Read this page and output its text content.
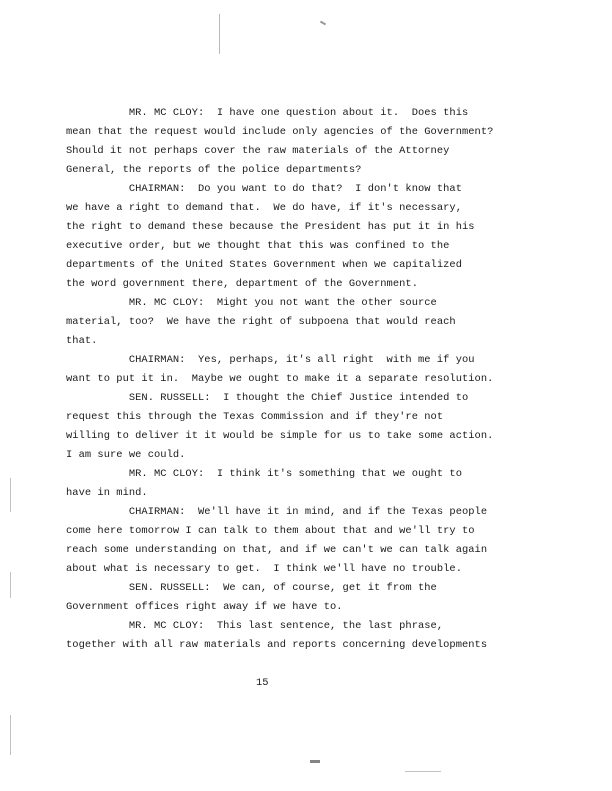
MR. MC CLOY:  I have one question about it.  Does this

mean that the request would include only agencies of the Government?

Should it not perhaps cover the raw materials of the Attorney

General, the reports of the police departments?

CHAIRMAN:  Do you want to do that?  I don't know that

we have a right to demand that.  We do have, if it's necessary,

the right to demand these because the President has put it in his

executive order, but we thought that this was confined to the

departments of the United States Government when we capitalized

the word government there, department of the Government.

MR. MC CLOY:  Might you not want the other source

material, too?  We have the right of subpoena that would reach

that.

CHAIRMAN:  Yes, perhaps, it's all right  with me if you

want to put it in.  Maybe we ought to make it a separate resolution.

SEN. RUSSELL:  I thought the Chief Justice intended to

request this through the Texas Commission and if they're not

willing to deliver it it would be simple for us to take some action.

I am sure we could.

MR. MC CLOY:  I think it's something that we ought to

have in mind.

CHAIRMAN:  We'll have it in mind, and if the Texas people

come here tomorrow I can talk to them about that and we'll try to

reach some understanding on that, and if we can't we can talk again

about what is necessary to get.  I think we'll have no trouble.

SEN. RUSSELL:  We can, of course, get it from the

Government offices right away if we have to.

MR. MC CLOY:  This last sentence, the last phrase,

together with all raw materials and reports concerning developments

15
